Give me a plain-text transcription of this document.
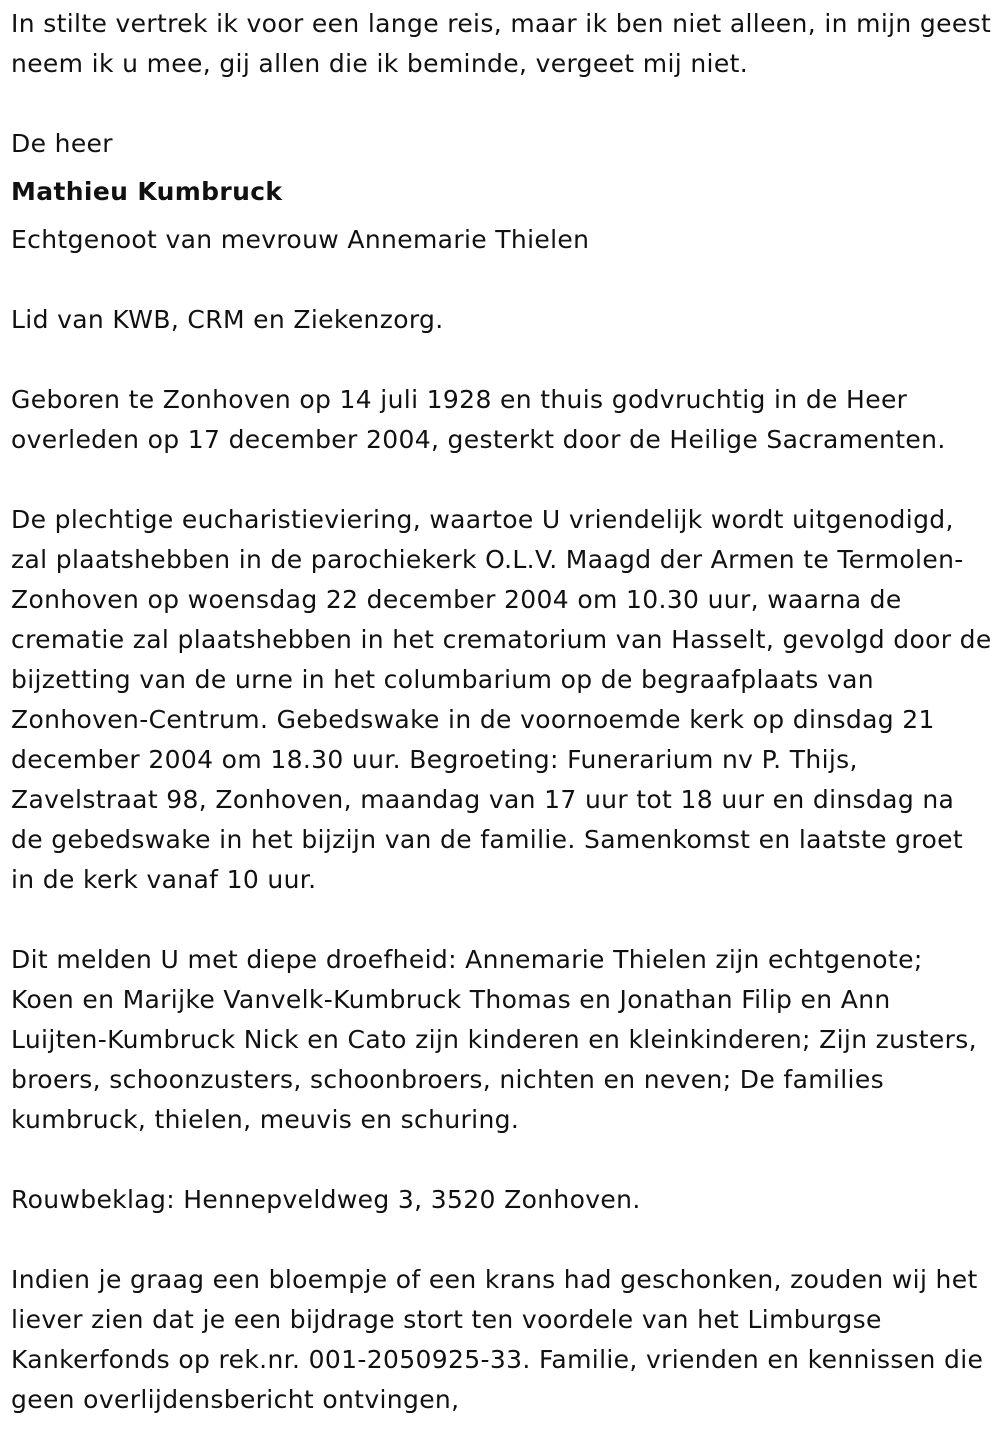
In stilte vertrek ik voor een lange reis, maar ik ben niet alleen, in mijn geest neem ik u mee, gij allen die ik beminde, vergeet mij niet.

De heer

Mathieu Kumbruck

Echtgenoot van mevrouw Annemarie Thielen

Lid van KWB, CRM en Ziekenzorg.

Geboren te Zonhoven op 14 juli 1928 en thuis godvruchtig in de Heer overleden op 17 december 2004, gesterkt door de Heilige Sacramenten.

De plechtige eucharistieviering, waartoe U vriendelijk wordt uitgenodigd, zal plaatshebben in de parochiekerk O.L.V. Maagd der Armen te Termolen-Zonhoven op woensdag 22 december 2004 om 10.30 uur, waarna de crematie zal plaatshebben in het crematorium van Hasselt, gevolgd door de bijzetting van de urne in het columbarium op de begraafplaats van Zonhoven-Centrum. Gebedswake in de voornoemde kerk op dinsdag 21 december 2004 om 18.30 uur. Begroeting: Funerarium nv P. Thijs, Zavelstraat 98, Zonhoven, maandag van 17 uur tot 18 uur en dinsdag na de gebedswake in het bijzijn van de familie. Samenkomst en laatste groet in de kerk vanaf 10 uur.

Dit melden U met diepe droefheid: Annemarie Thielen zijn echtgenote; Koen en Marijke Vanvelk-Kumbruck Thomas en Jonathan Filip en Ann Luijten-Kumbruck Nick en Cato zijn kinderen en kleinkinderen; Zijn zusters, broers, schoonzusters, schoonbroers, nichten en neven; De families kumbruck, thielen, meuvis en schuring.

Rouwbeklag: Hennepveldweg 3, 3520 Zonhoven.

Indien je graag een bloempje of een krans had geschonken, zouden wij het liever zien dat je een bijdrage stort ten voordele van het Limburgse Kankerfonds op rek.nr. 001-2050925-33. Familie, vrienden en kennissen die geen overlijdensbericht ontvingen,
